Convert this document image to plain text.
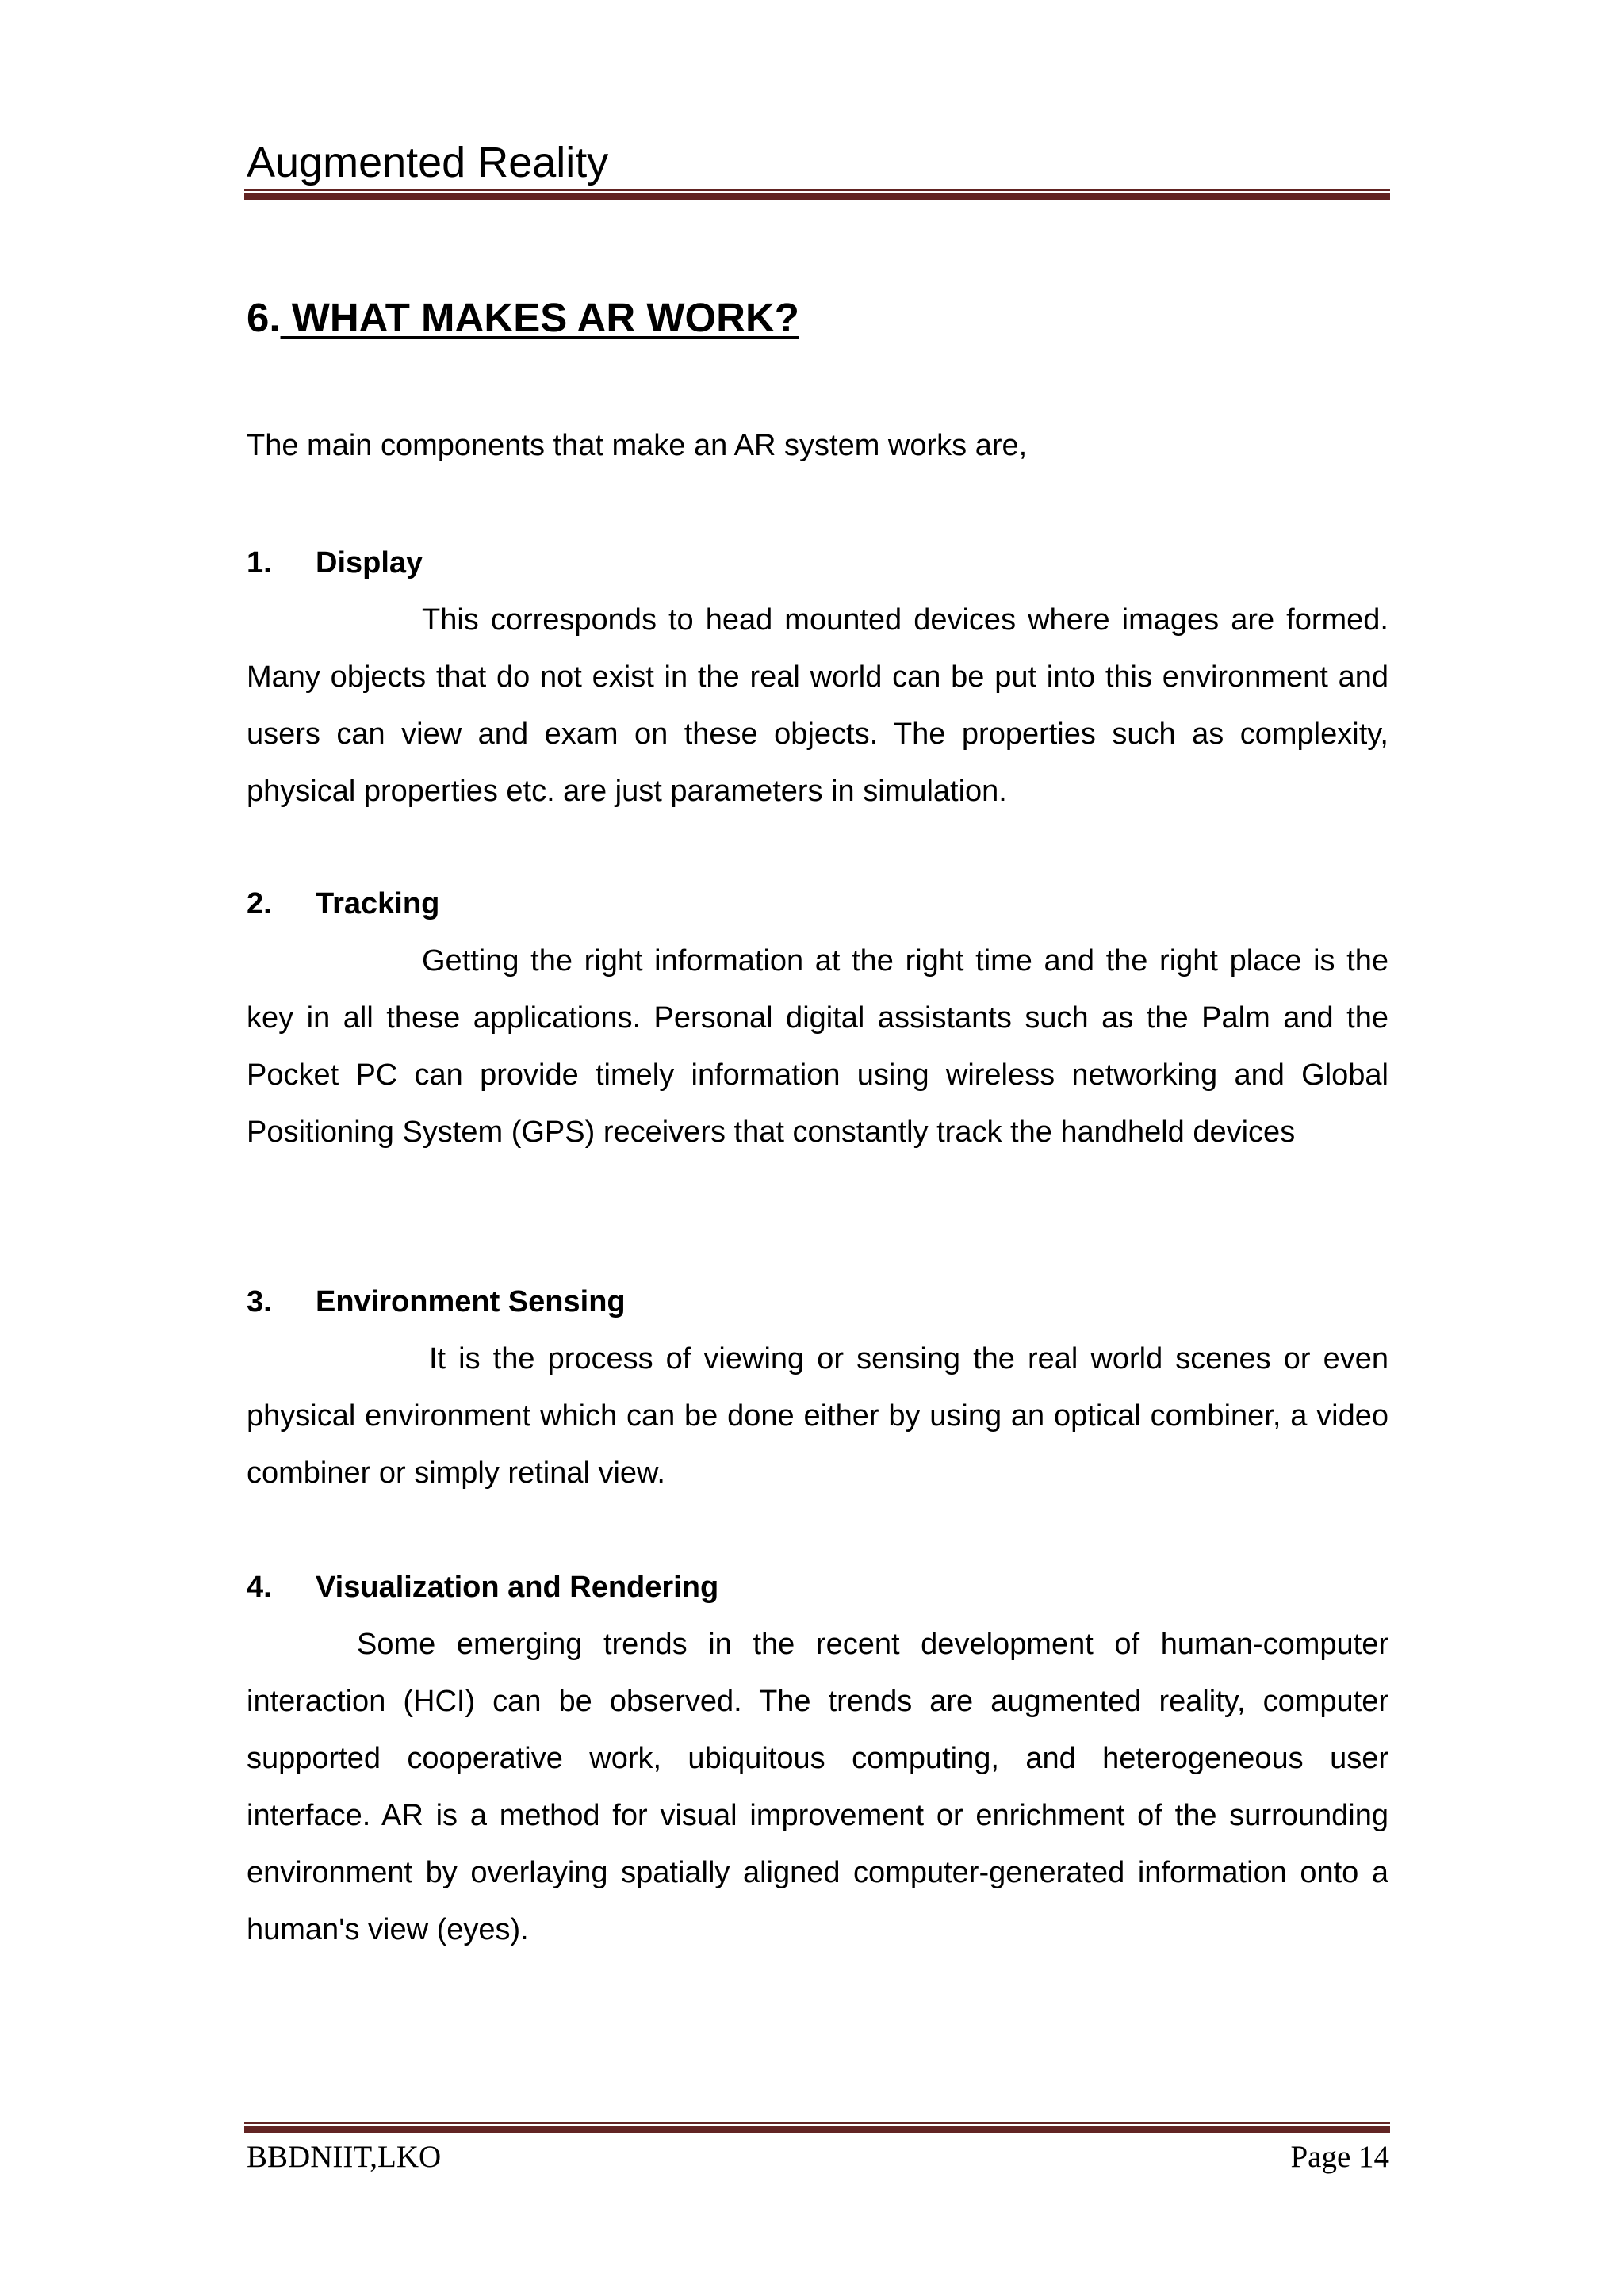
Augmented Reality
6. WHAT MAKES AR WORK?
The main components that make an AR system works are,
1. Display
This corresponds to head mounted devices where images are formed. Many objects that do not exist in the real world can be put into this environment and users can view and exam on these objects. The properties such as complexity, physical properties etc. are just parameters in simulation.
2. Tracking
Getting the right information at the right time and the right place is the key in all these applications. Personal digital assistants such as the Palm and the Pocket PC can provide timely information using wireless networking and Global Positioning System (GPS) receivers that constantly track the handheld devices
3. Environment Sensing
It is the process of viewing or sensing the real world scenes or even physical environment which can be done either by using an optical combiner, a video combiner or simply retinal view.
4. Visualization and Rendering
Some emerging trends in the recent development of human-computer interaction (HCI) can be observed. The trends are augmented reality, computer supported cooperative work, ubiquitous computing, and heterogeneous user interface. AR is a method for visual improvement or enrichment of the surrounding environment by overlaying spatially aligned computer-generated information onto a human's view (eyes).
BBDNIIT,LKO	Page 14
